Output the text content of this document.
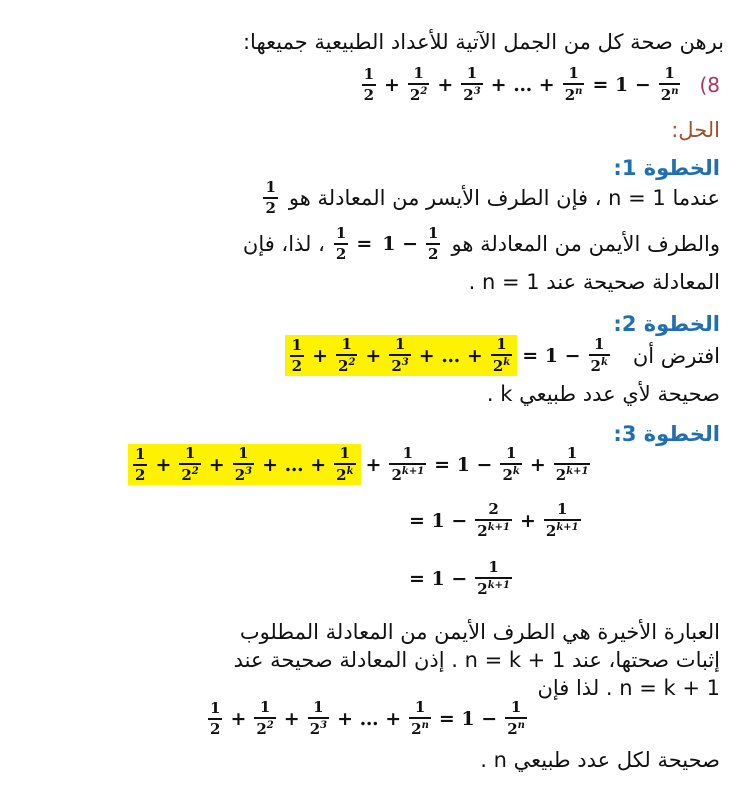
برهن صحة كل من الجمل الآتية للأعداد الطبيعية جميعها:
(8
$\frac{1}{2} + \frac{1}{2^2} + \frac{1}{2^3}$ + … + $\frac{1}{2^n} = 1 - \frac{1}{2^n}$
الحل:
الخطوة 1:
عندما n = 1 ، فإن الطرف الأيسر من المعادلة هو
$\frac{1}{2}$
والطرف الأيمن من المعادلة هو
$\frac{1}{2} = 1 - \frac{1}{2}$
، لذا، فإن
المعادلة صحيحة عند n = 1 .
الخطوة 2:
افترض أن
$\frac{1}{2} + \frac{1}{2^2} + \frac{1}{2^3}$ + … + $\frac{1}{2^k} = 1 - \frac{1}{2^k}$
صحيحة لأي عدد طبيعي k .
الخطوة 3:
$\frac{1}{2} + \frac{1}{2^2} + \frac{1}{2^3}$ + … + $\frac{1}{2^k} + \frac{1}{2^{k+1}} = 1 - \frac{1}{2^k} + \frac{1}{2^{k+1}}$
= $1 - \frac{2}{2^{k+1}} + \frac{1}{2^{k+1}}$
= $1 - \frac{1}{2^{k+1}}$
العبارة الأخيرة هي الطرف الأيمن من المعادلة المطلوب
إثبات صحتها، عند n = k + 1 . إذن المعادلة صحيحة عند
n = k + 1 . لذا فإن
$\frac{1}{2} + \frac{1}{2^2} + \frac{1}{2^3}$ + … + $\frac{1}{2^n} = 1 - \frac{1}{2^n}$
صحيحة لكل عدد طبيعي n .
